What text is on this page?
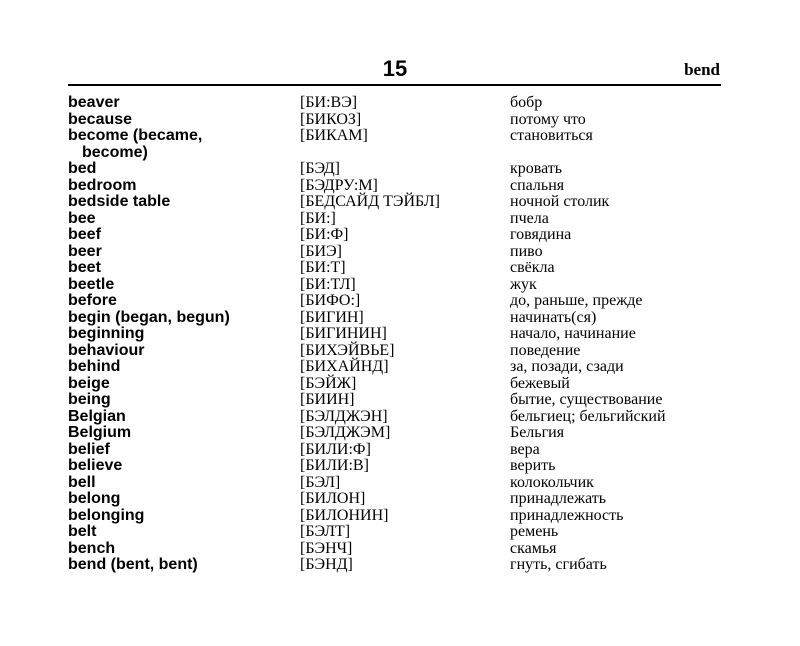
15	bend
beaver	[БИ:ВЭ]	бобр
because	[БИКОЗ]	потому что
become (became,
become)
[БИКАМ]	становиться
bed	[БЭД]	кровать
bedroom	[БЭДРУ:М]	спальня
bedside table	[БЕДСАЙД ТЭЙБЛ]	ночной столик
bee	[БИ:]	пчела
beef	[БИ:Ф]	говядина
beer	[БИЭ]	пиво
beet	[БИ:Т]	свёкла
beetle	[БИ:ТЛ]	жук
before	[БИФО:]	до, раньше, прежде
begin (began, begun)	[БИГИН]	начинать(ся)
beginning	[БИГИНИН]	начало, начинание
behaviour	[БИХЭЙВЬЕ]	поведение
behind	[БИХАЙНД]	за, позади, сзади
beige	[БЭЙЖ]	бежевый
being	[БИИН]	бытие, существование
Belgian	[БЭЛДЖЭН]	бельгиец; бельгийский
Belgium	[БЭЛДЖЭМ]	Бельгия
belief	[БИЛИ:Ф]	вера
believe	[БИЛИ:В]	верить
bell	[БЭЛ]	колокольчик
belong	[БИЛОН]	принадлежать
belonging	[БИЛОНИН]	принадлежность
belt	[БЭЛТ]	ремень
bench	[БЭНЧ]	скамья
bend (bent, bent)	[БЭНД]	гнуть, сгибать
